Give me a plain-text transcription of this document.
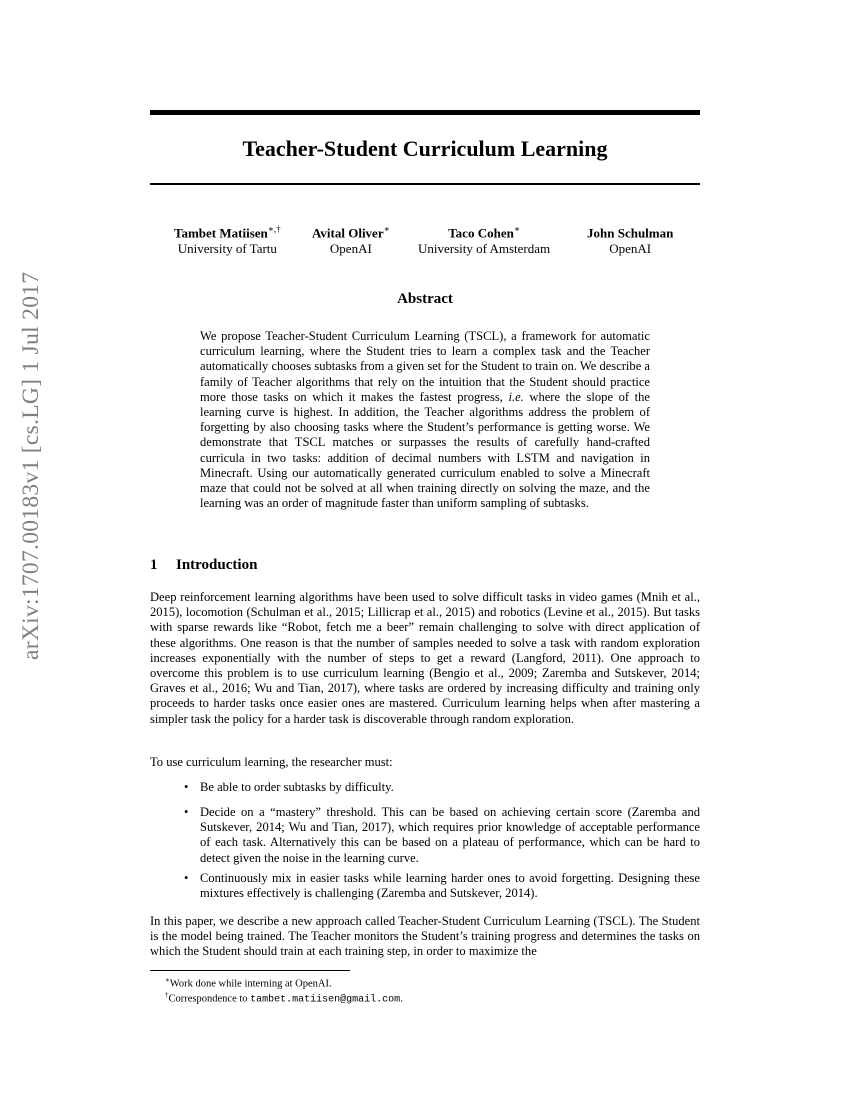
arXiv:1707.00183v1 [cs.LG] 1 Jul 2017
Teacher-Student Curriculum Learning
Tambet Matiisen∗,†
University of Tartu
Avital Oliver∗
OpenAI
Taco Cohen∗
University of Amsterdam
John Schulman
OpenAI
Abstract
We propose Teacher-Student Curriculum Learning (TSCL), a framework for automatic curriculum learning, where the Student tries to learn a complex task and the Teacher automatically chooses subtasks from a given set for the Student to train on. We describe a family of Teacher algorithms that rely on the intuition that the Student should practice more those tasks on which it makes the fastest progress, i.e. where the slope of the learning curve is highest. In addition, the Teacher algorithms address the problem of forgetting by also choosing tasks where the Student’s performance is getting worse. We demonstrate that TSCL matches or surpasses the results of carefully hand-crafted curricula in two tasks: addition of decimal numbers with LSTM and navigation in Minecraft. Using our automatically generated curriculum enabled to solve a Minecraft maze that could not be solved at all when training directly on solving the maze, and the learning was an order of magnitude faster than uniform sampling of subtasks.
1 Introduction
Deep reinforcement learning algorithms have been used to solve difficult tasks in video games (Mnih et al., 2015), locomotion (Schulman et al., 2015; Lillicrap et al., 2015) and robotics (Levine et al., 2015). But tasks with sparse rewards like “Robot, fetch me a beer” remain challenging to solve with direct application of these algorithms. One reason is that the number of samples needed to solve a task with random exploration increases exponentially with the number of steps to get a reward (Langford, 2011). One approach to overcome this problem is to use curriculum learning (Bengio et al., 2009; Zaremba and Sutskever, 2014; Graves et al., 2016; Wu and Tian, 2017), where tasks are ordered by increasing difficulty and training only proceeds to harder tasks once easier ones are mastered. Curriculum learning helps when after mastering a simpler task the policy for a harder task is discoverable through random exploration.
To use curriculum learning, the researcher must:
• Be able to order subtasks by difficulty.
• Decide on a “mastery” threshold. This can be based on achieving certain score (Zaremba and Sutskever, 2014; Wu and Tian, 2017), which requires prior knowledge of acceptable performance of each task. Alternatively this can be based on a plateau of performance, which can be hard to detect given the noise in the learning curve.
• Continuously mix in easier tasks while learning harder ones to avoid forgetting. Designing these mixtures effectively is challenging (Zaremba and Sutskever, 2014).
In this paper, we describe a new approach called Teacher-Student Curriculum Learning (TSCL). The Student is the model being trained. The Teacher monitors the Student’s training progress and determines the tasks on which the Student should train at each training step, in order to maximize the
∗Work done while interning at OpenAI.
†Correspondence to tambet.matiisen@gmail.com.
